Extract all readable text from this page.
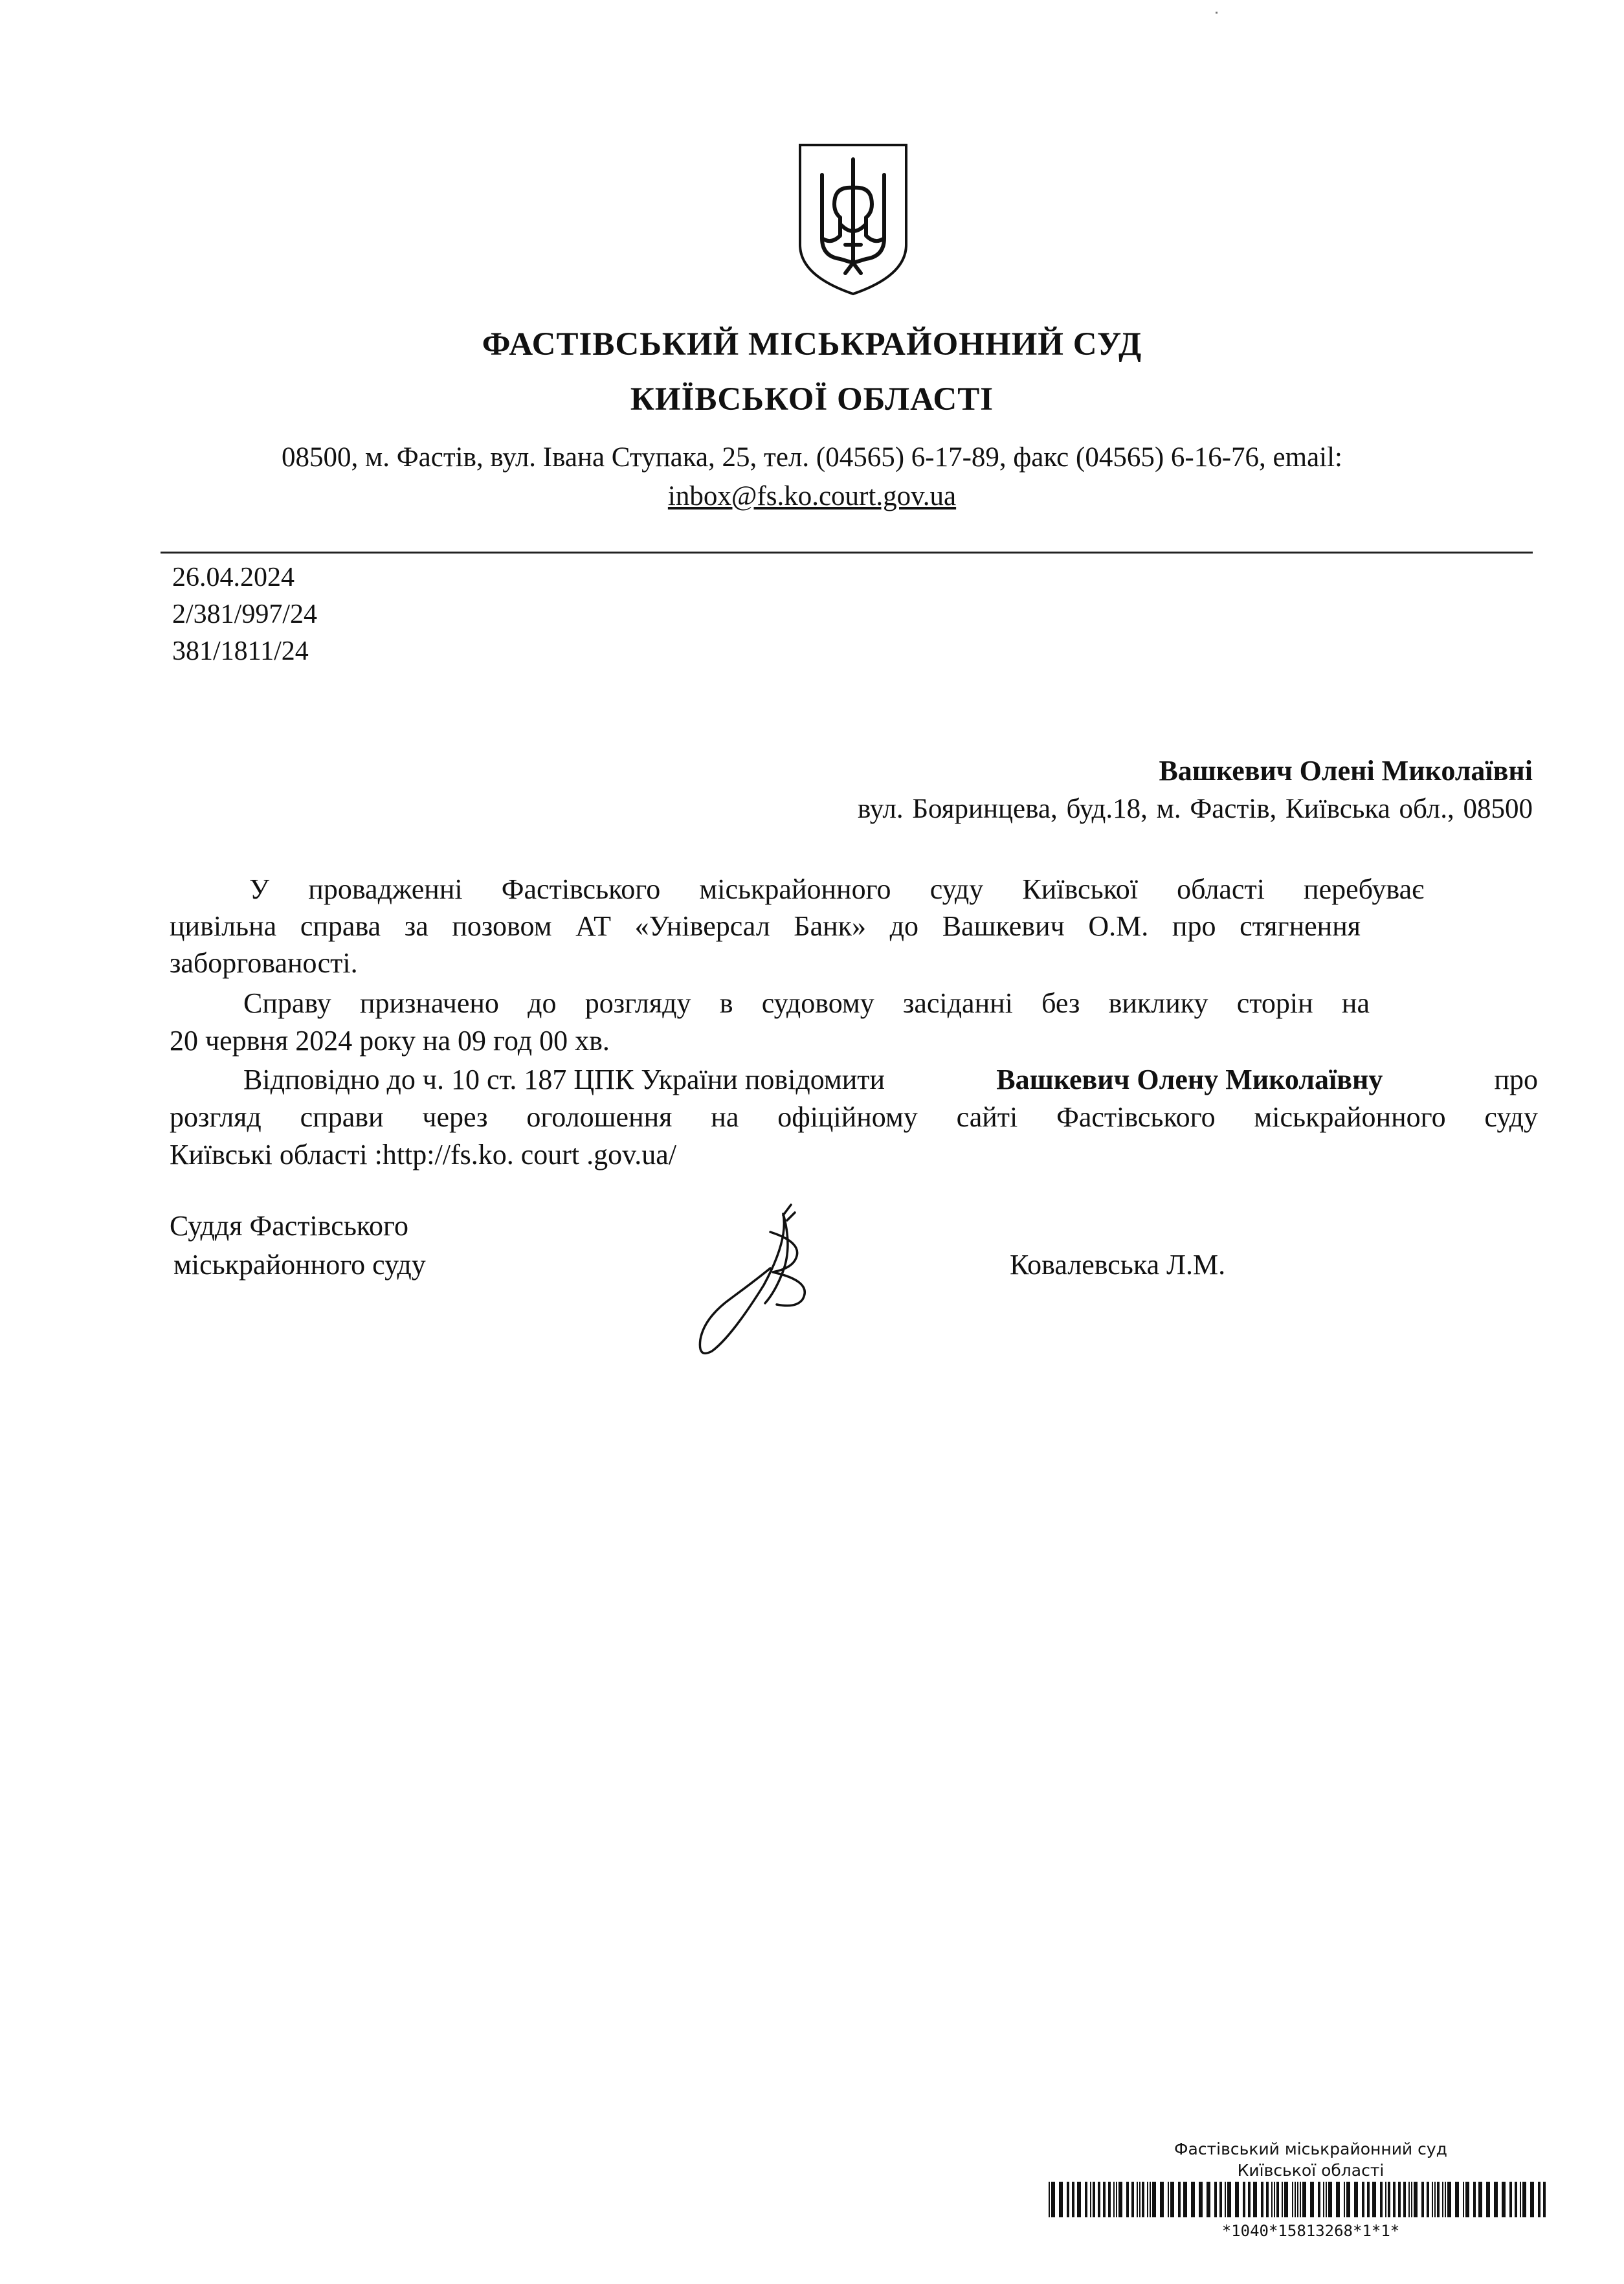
ФАСТІВСЬКИЙ МІСЬКРАЙОННИЙ СУД
КИЇВСЬКОЇ ОБЛАСТІ
08500, м. Фастів, вул. Івана Ступака, 25, тел. (04565) 6-17-89, факс (04565) 6-16-76, email:
inbox@fs.ko.court.gov.ua
26.04.2024
2/381/997/24
381/1811/24
Вашкевич Олені Миколаївні
вул. Бояринцева, буд.18, м. Фастів, Київська обл., 08500
У провадженні Фастівського міськрайонного суду Київської області перебуває
цивільна справа за позовом АТ «Універсал Банк» до Вашкевич О.М. про стягнення
заборгованості.
Справу призначено до розгляду в судовому засіданні без виклику сторін на
20 червня 2024 року на 09 год 00 хв.
Відповідно до ч. 10 ст. 187 ЦПК України повідомити	Вашкевич Олену Миколаївну	про
розгляд справи через оголошення на офіційному сайті Фастівського міськрайонного суду
Київські області :http://fs.ko. court .gov.ua/
Суддя Фастівського
міськрайонного суду	Ковалевська Л.М.
Фастівський міськрайонний суд
Київської області
*1040*15813268*1*1*
